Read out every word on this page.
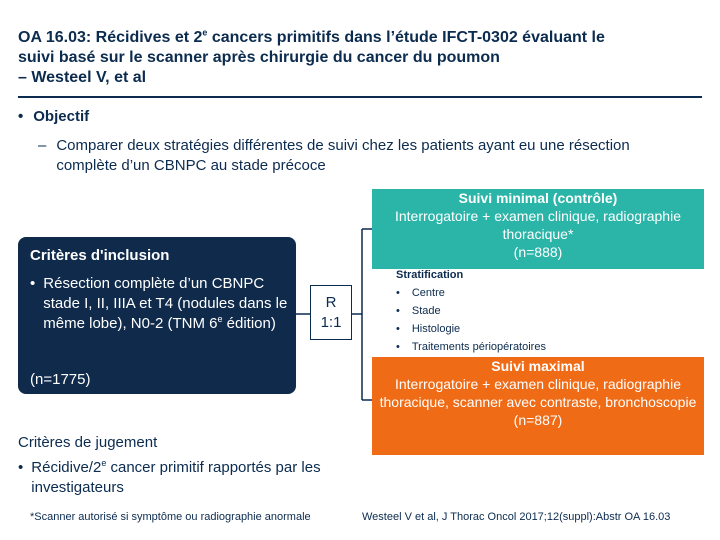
OA 16.03: Récidives et 2e cancers primitifs dans l’étude IFCT-0302 évaluant le
suivi basé sur le scanner après chirurgie du cancer du poumon
– Westeel V, et al
• Objectif
– Comparer deux stratégies différentes de suivi chez les patients ayant eu une résection complète d’un CBNPC au stade précoce
Critères d'inclusion
• Résection complète d’un CBNPC stade I, II, IIIA et T4 (nodules dans le même lobe), N0-2 (TNM 6e édition)
(n=1775)
R
1:1
Suivi minimal (contrôle)
Interrogatoire + examen clinique, radiographie thoracique*
(n=888)
Stratification
• Centre
• Stade
• Histologie
• Traitements périopératoires
Suivi maximal
Interrogatoire + examen clinique, radiographie thoracique, scanner avec contraste, bronchoscopie
(n=887)
Critères de jugement
• Récidive/2e cancer primitif rapportés par les investigateurs
*Scanner autorisé si symptôme ou radiographie anormale	Westeel V et al, J Thorac Oncol 2017;12(suppl):Abstr OA 16.03
